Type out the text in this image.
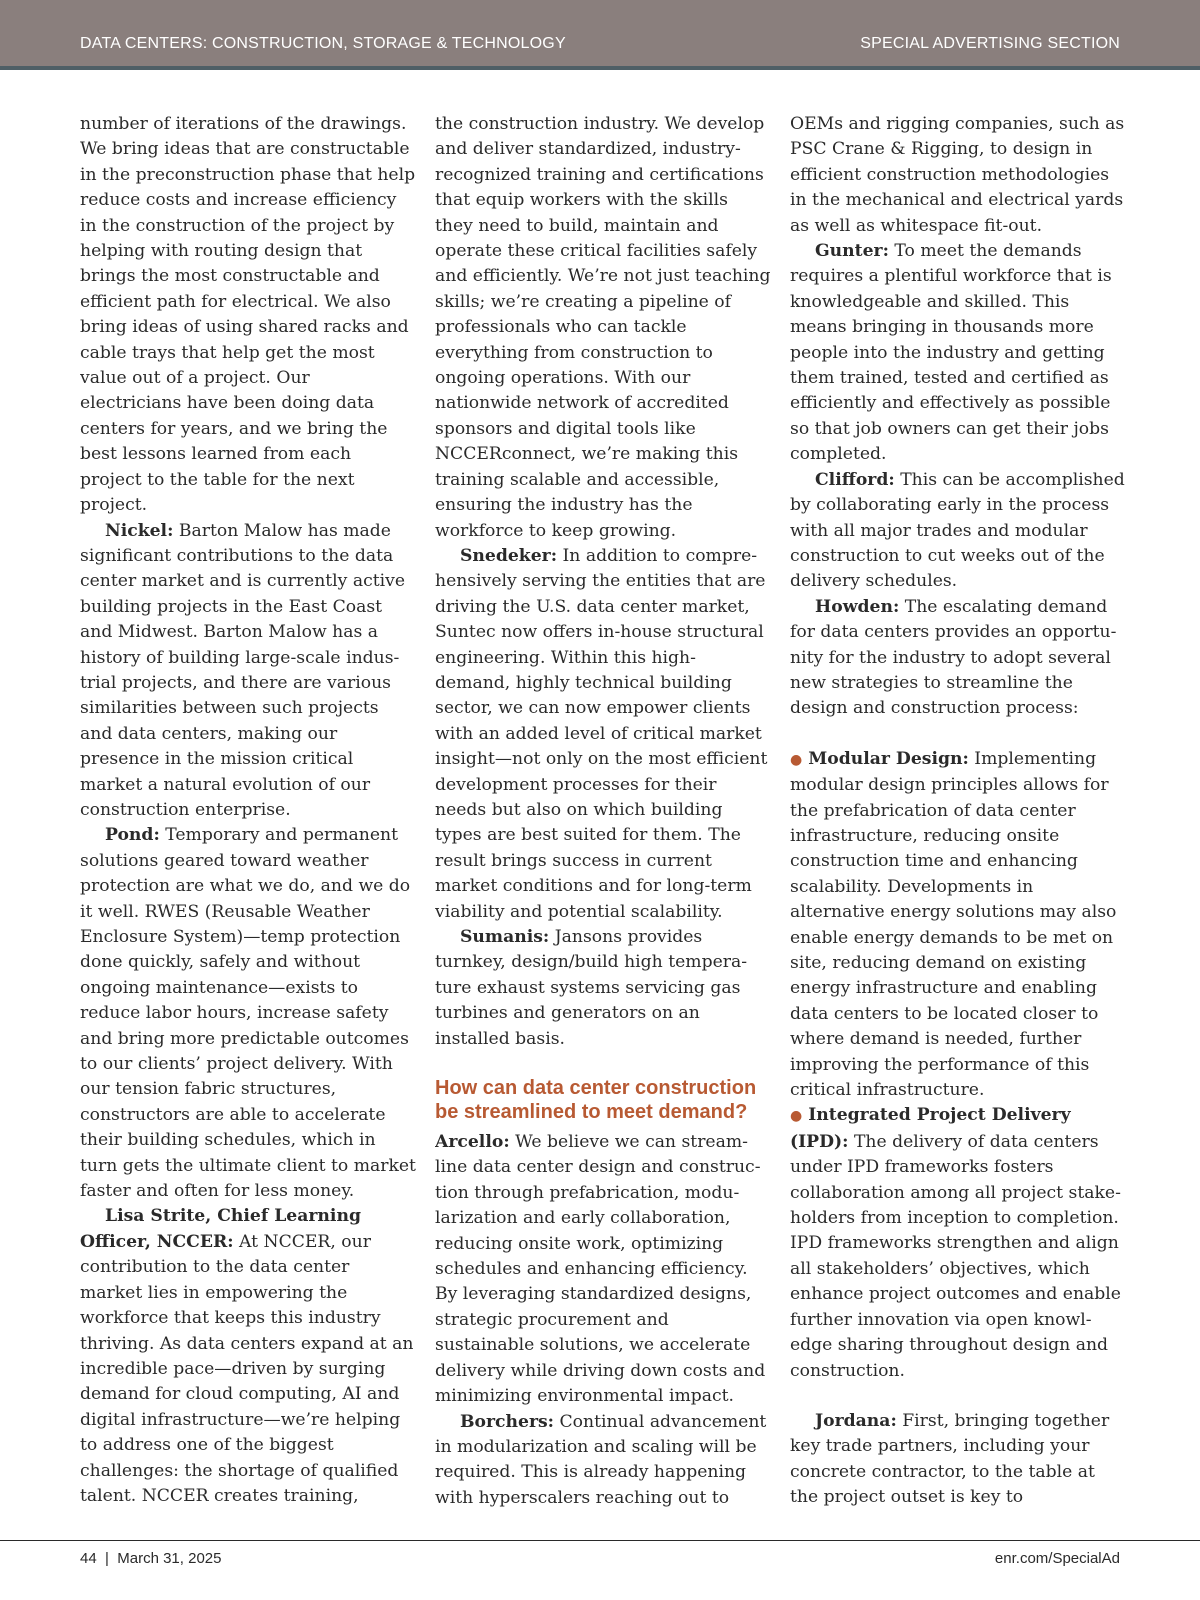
DATA CENTERS: CONSTRUCTION, STORAGE & TECHNOLOGY	SPECIAL ADVERTISING SECTION

number of iterations of the drawings. We bring ideas that are constructable in the preconstruction phase that help reduce costs and increase efficiency in the construction of the project by helping with routing design that brings the most constructable and efficient path for electrical. We also bring ideas of using shared racks and cable trays that help get the most value out of a project. Our electricians have been doing data centers for years, and we bring the best lessons learned from each project to the table for the next project.

Nickel: Barton Malow has made significant contributions to the data center market and is currently active building projects in the East Coast and Midwest. Barton Malow has a history of building large-scale industrial projects, and there are various similarities between such projects and data centers, making our presence in the mission critical market a natural evolution of our construction enterprise.

Pond: Temporary and permanent solutions geared toward weather protection are what we do, and we do it well. RWES (Reusable Weather Enclosure System)—temp protection done quickly, safely and without ongoing maintenance—exists to reduce labor hours, increase safety and bring more predictable outcomes to our clients’ project delivery. With our tension fabric structures, constructors are able to accelerate their building schedules, which in turn gets the ultimate client to market faster and often for less money.

Lisa Strite, Chief Learning Officer, NCCER: At NCCER, our contribution to the data center market lies in empowering the workforce that keeps this industry thriving. As data centers expand at an incredible pace—driven by surging demand for cloud computing, AI and digital infrastructure—we’re helping to address one of the biggest challenges: the shortage of qualified talent. NCCER creates training,

the construction industry. We develop and deliver standardized, industry-recognized training and certifications that equip workers with the skills they need to build, maintain and operate these critical facilities safely and efficiently. We’re not just teaching skills; we’re creating a pipeline of professionals who can tackle everything from construction to ongoing operations. With our nationwide network of accredited sponsors and digital tools like NCCERconnect, we’re making this training scalable and accessible, ensuring the industry has the workforce to keep growing.

Snedeker: In addition to comprehensively serving the entities that are driving the U.S. data center market, Suntec now offers in-house structural engineering. Within this high-demand, highly technical building sector, we can now empower clients with an added level of critical market insight—not only on the most efficient development processes for their needs but also on which building types are best suited for them. The result brings success in current market conditions and for long-term viability and potential scalability.

Sumanis: Jansons provides turnkey, design/build high temperature exhaust systems servicing gas turbines and generators on an installed basis.

How can data center construction be streamlined to meet demand?

Arcello: We believe we can streamline data center design and construction through prefabrication, modularization and early collaboration, reducing onsite work, optimizing schedules and enhancing efficiency. By leveraging standardized designs, strategic procurement and sustainable solutions, we accelerate delivery while driving down costs and minimizing environmental impact.

Borchers: Continual advancement in modularization and scaling will be required. This is already happening with hyperscalers reaching out to

OEMs and rigging companies, such as PSC Crane & Rigging, to design in efficient construction methodologies in the mechanical and electrical yards as well as whitespace fit-out.

Gunter: To meet the demands requires a plentiful workforce that is knowledgeable and skilled. This means bringing in thousands more people into the industry and getting them trained, tested and certified as efficiently and effectively as possible so that job owners can get their jobs completed.

Clifford: This can be accomplished by collaborating early in the process with all major trades and modular construction to cut weeks out of the delivery schedules.

Howden: The escalating demand for data centers provides an opportunity for the industry to adopt several new strategies to streamline the design and construction process:

● Modular Design: Implementing modular design principles allows for the prefabrication of data center infrastructure, reducing onsite construction time and enhancing scalability. Developments in alternative energy solutions may also enable energy demands to be met on site, reducing demand on existing energy infrastructure and enabling data centers to be located closer to where demand is needed, further improving the performance of this critical infrastructure.

● Integrated Project Delivery (IPD): The delivery of data centers under IPD frameworks fosters collaboration among all project stakeholders from inception to completion. IPD frameworks strengthen and align all stakeholders’ objectives, which enhance project outcomes and enable further innovation via open knowledge sharing throughout design and construction.

Jordana: First, bringing together key trade partners, including your concrete contractor, to the table at the project outset is key to

44  |  March 31, 2025	enr.com/SpecialAd
